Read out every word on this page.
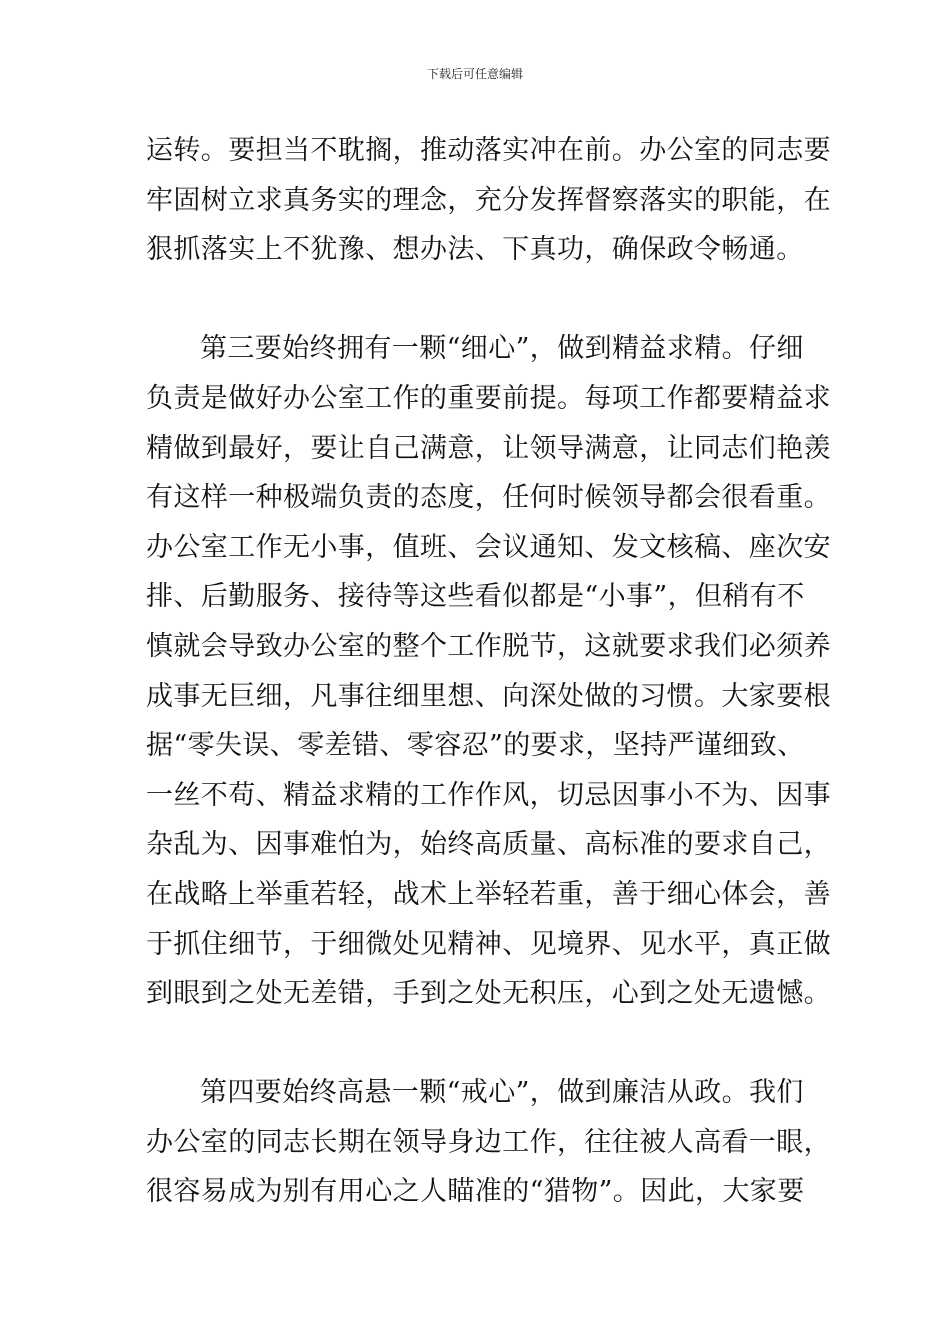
下载后可任意编辑
运转。要担当不耽搁，推动落实冲在前。办公室的同志要
牢固树立求真务实的理念，充分发挥督察落实的职能，在
狠抓落实上不犹豫、想办法、下真功，确保政令畅通。
第三要始终拥有一颗“细心”，做到精益求精。仔细
负责是做好办公室工作的重要前提。每项工作都要精益求
精做到最好，要让自己满意，让领导满意，让同志们艳羡
有这样一种极端负责的态度，任何时候领导都会很看重。
办公室工作无小事，值班、会议通知、发文核稿、座次安
排、后勤服务、接待等这些看似都是“小事”，但稍有不
慎就会导致办公室的整个工作脱节，这就要求我们必须养
成事无巨细，凡事往细里想、向深处做的习惯。大家要根
据“零失误、零差错、零容忍”的要求，坚持严谨细致、
一丝不苟、精益求精的工作作风，切忌因事小不为、因事
杂乱为、因事难怕为，始终高质量、高标准的要求自己，
在战略上举重若轻，战术上举轻若重，善于细心体会，善
于抓住细节，于细微处见精神、见境界、见水平，真正做
到眼到之处无差错，手到之处无积压，心到之处无遗憾。
第四要始终高悬一颗“戒心”，做到廉洁从政。我们
办公室的同志长期在领导身边工作，往往被人高看一眼，
很容易成为别有用心之人瞄准的“猎物”。因此，大家要
